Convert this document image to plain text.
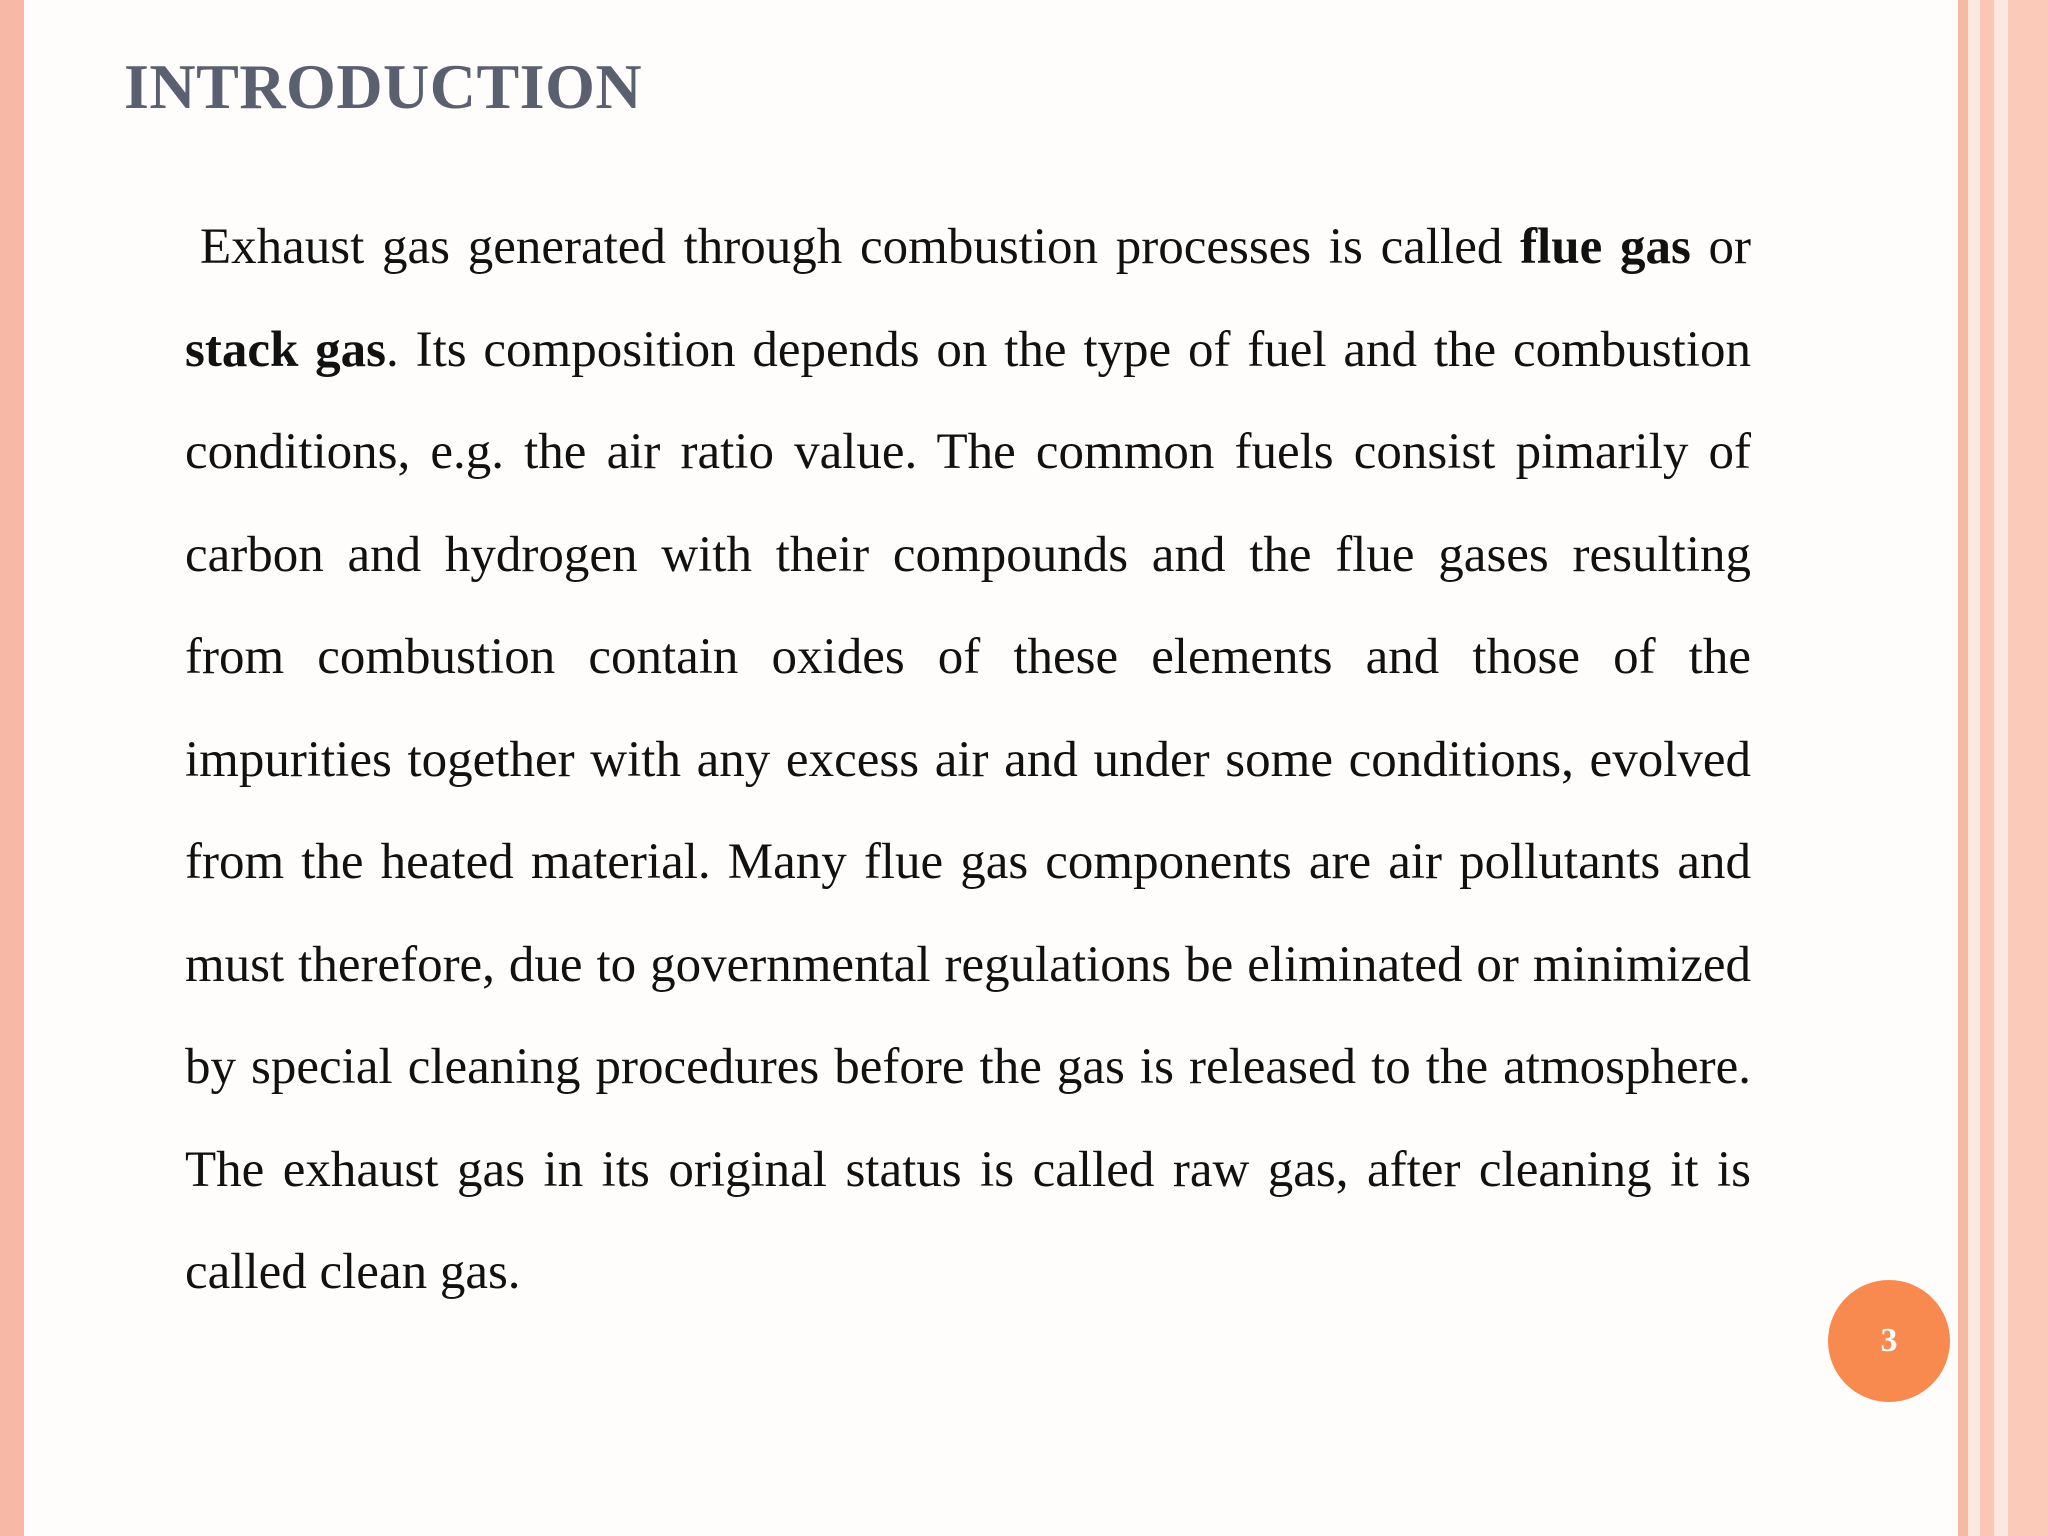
INTRODUCTION

Exhaust gas generated through combustion processes is called flue gas or stack gas. Its composition depends on the type of fuel and the combustion conditions, e.g. the air ratio value. The common fuels consist pimarily of carbon and hydrogen with their compounds and the flue gases resulting from combustion contain oxides of these elements and those of the impurities together with any excess air and under some conditions, evolved from the heated material. Many flue gas components are air pollutants and must therefore, due to governmental regulations be eliminated or minimized by special cleaning procedures before the gas is released to the atmosphere. The exhaust gas in its original status is called raw gas, after cleaning it is called clean gas.

3
